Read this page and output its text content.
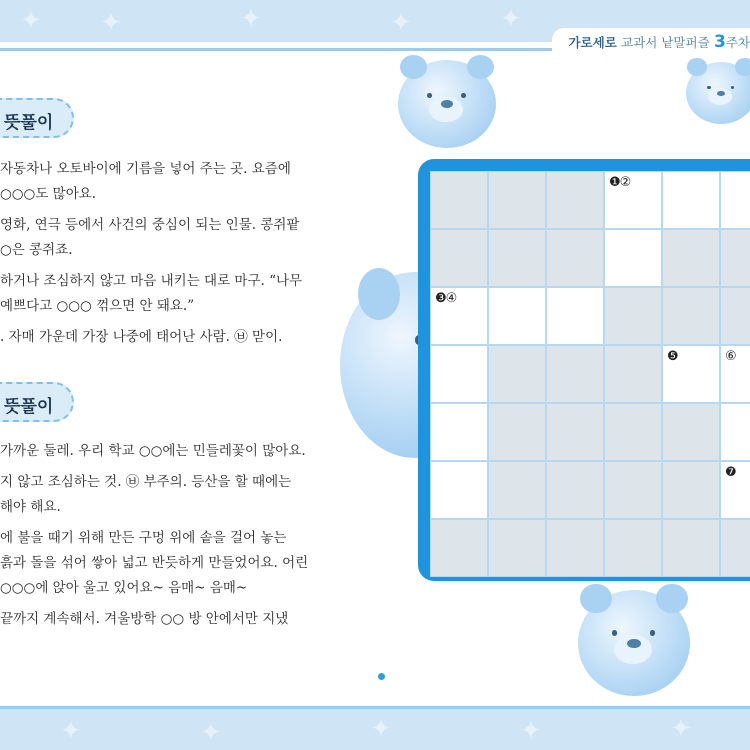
✦ ✦	✦	✦	✦
✦	✦	✦	✦	✦
가로세로 교과서 낱말퍼즐 3주차
뜻풀이
자동차나 오토바이에 기름을 넣어 주는 곳. 요즘에
○○○도 많아요.
영화, 연극 등에서 사건의 중심이 되는 인물. 콩쥐팥
○은 콩쥐죠.
하거나 조심하지 않고 마음 내키는 대로 마구. “나무
예쁘다고 ○○○ 꺾으면 안 돼요.”
. 자매 가운데 가장 나중에 태어난 사람. ㉥ 맏이.
뜻풀이
가까운 둘레. 우리 학교 ○○에는 민들레꽃이 많아요.
지 않고 조심하는 것. ㉥ 부주의. 등산을 할 때에는
해야 해요.
에 불을 때기 위해 만든 구멍 위에 솥을 걸어 놓는
흙과 돌을 섞어 쌓아 넓고 반듯하게 만들었어요. 어린
○○○에 앉아 울고 있어요~ 음매~ 음매~
끝까지 계속해서. 겨울방학 ○○ 방 안에서만 지냈
❶②
❸④
❺	⑥
❼
